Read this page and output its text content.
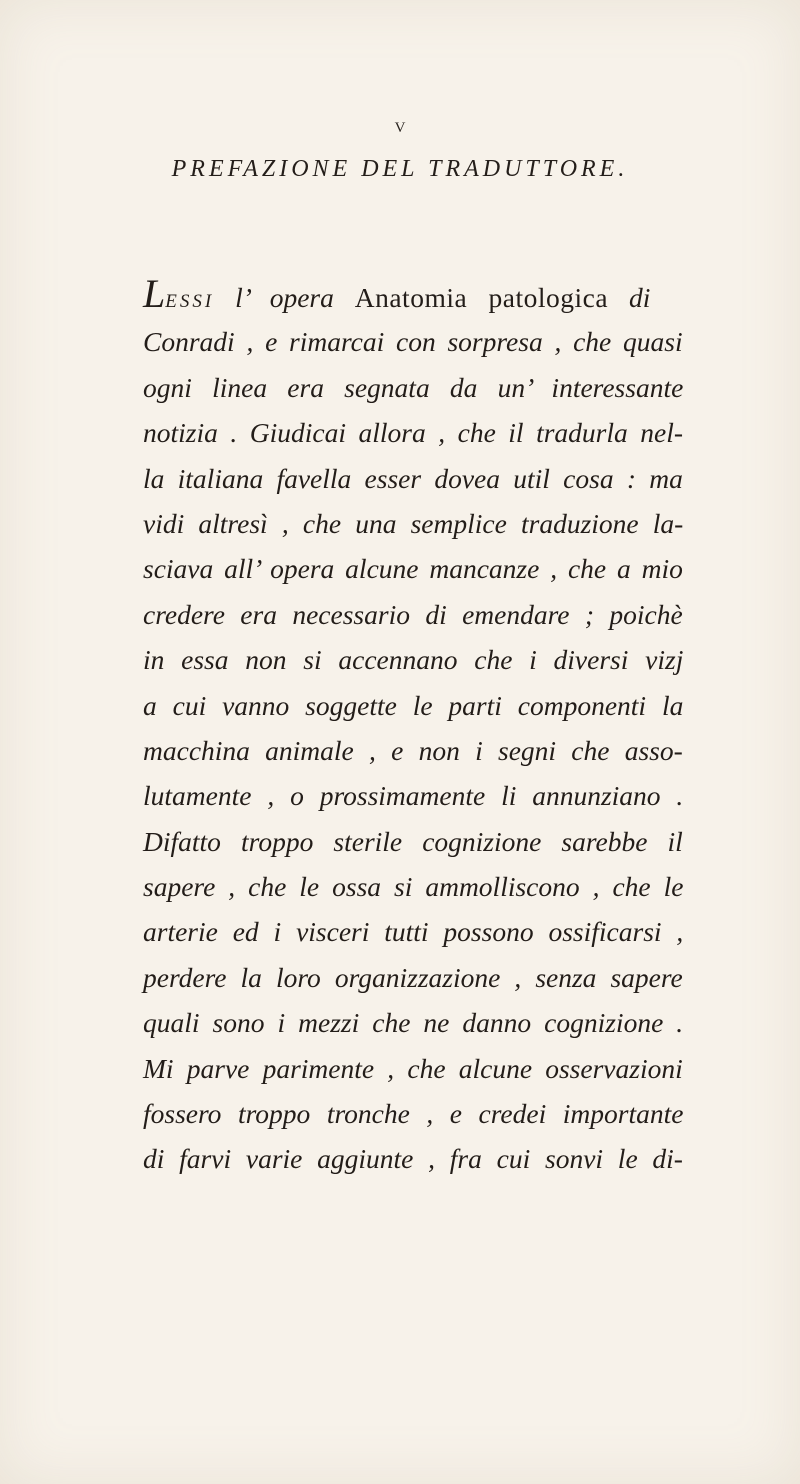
V
PREFAZIONE DEL TRADUTTORE.
LESSI l’ opera Anatomia patologica di
Conradi , e rimarcai con sorpresa , che quasi
ogni linea era segnata da un’ interessante
notizia . Giudicai allora , che il tradurla nel-
la italiana favella esser dovea util cosa : ma
vidi altresì , che una semplice traduzione la-
sciava all’ opera alcune mancanze , che a mio
credere era necessario di emendare ; poichè
in essa non si accennano che i diversi vizj
a cui vanno soggette le parti componenti la
macchina animale , e non i segni che asso-
lutamente , o prossimamente li annunziano .
Difatto troppo sterile cognizione sarebbe il
sapere , che le ossa si ammolliscono , che le
arterie ed i visceri tutti possono ossificarsi ,
perdere la loro organizzazione , senza sapere
quali sono i mezzi che ne danno cognizione .
Mi parve parimente , che alcune osservazioni
fossero troppo tronche , e credei importante
di farvi varie aggiunte , fra cui sonvi le di-
